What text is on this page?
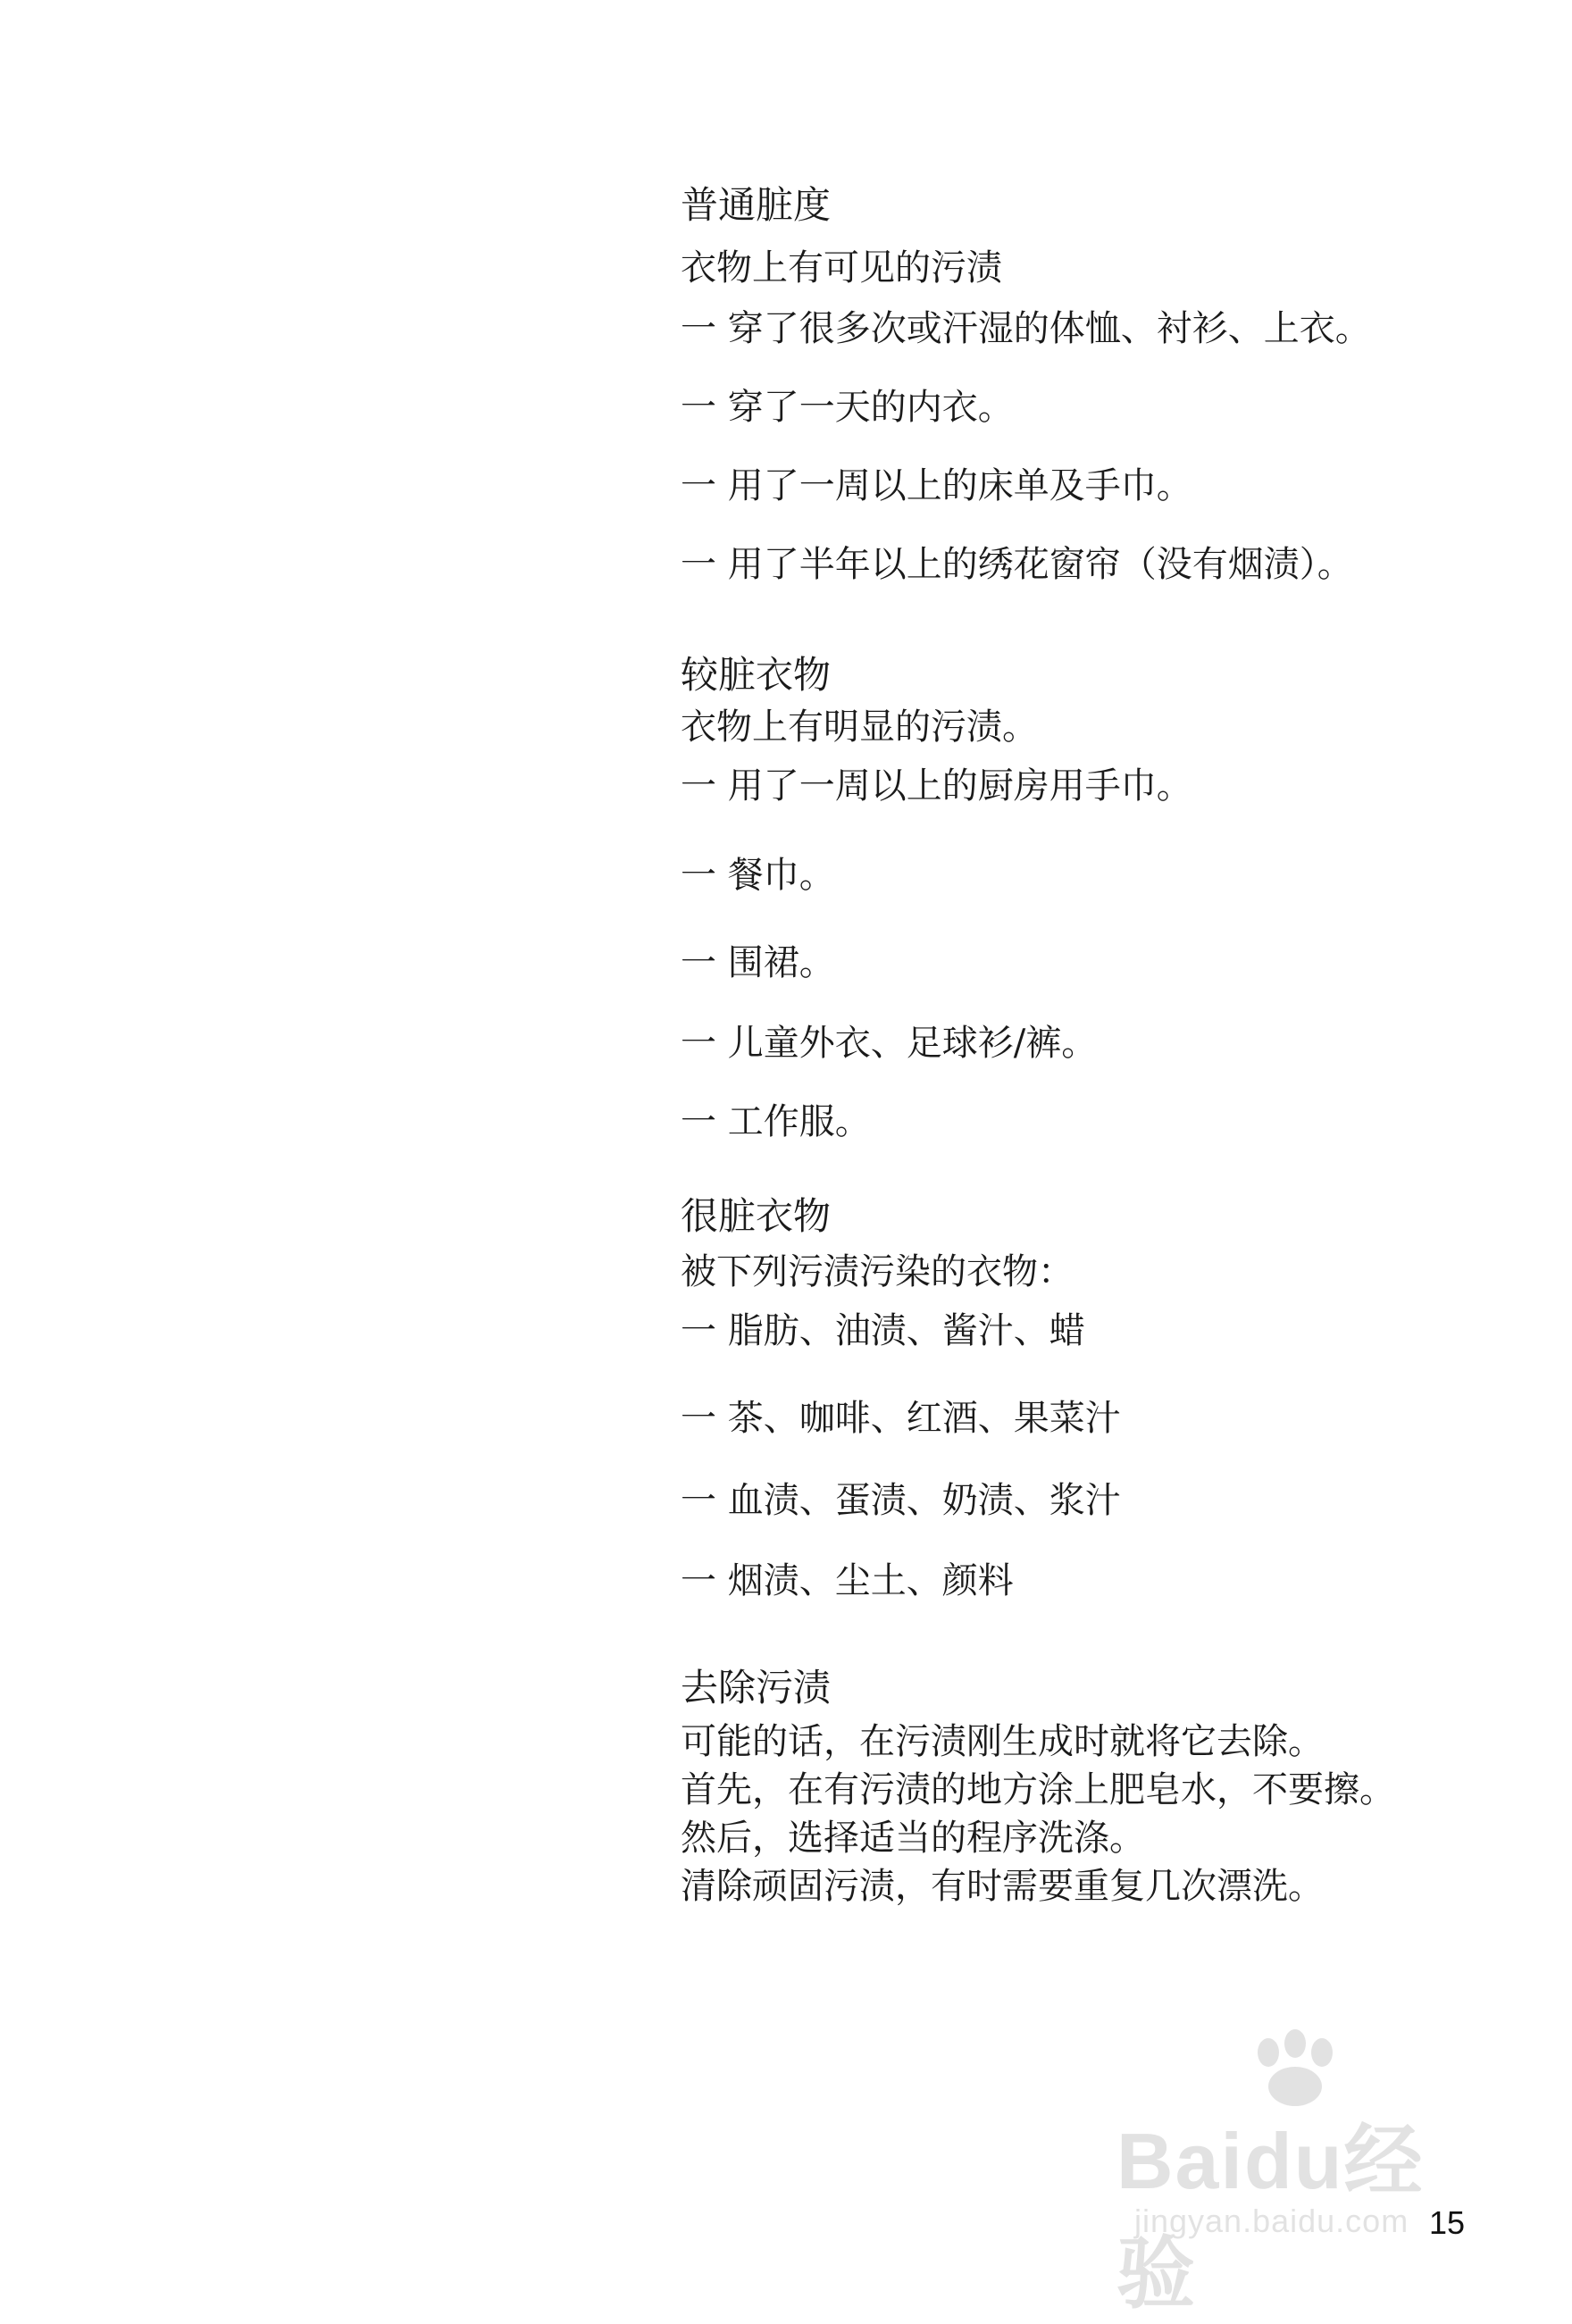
普通脏度
衣物上有可见的污渍
一 穿了很多次或汗湿的体恤、衬衫、上衣。
一 穿了一天的内衣。
一 用了一周以上的床单及手巾。
一 用了半年以上的绣花窗帘（没有烟渍）。
较脏衣物
衣物上有明显的污渍。
一 用了一周以上的厨房用手巾。
一 餐巾。
一 围裙。
一 儿童外衣、足球衫/裤。
一 工作服。
很脏衣物
被下列污渍污染的衣物：
一 脂肪、油渍、酱汁、蜡
一 茶、咖啡、红酒、果菜汁
一 血渍、蛋渍、奶渍、浆汁
一 烟渍、尘土、颜料
去除污渍
可能的话，在污渍刚生成时就将它去除。
首先，在有污渍的地方涂上肥皂水，不要擦。
然后，选择适当的程序洗涤。
清除顽固污渍，有时需要重复几次漂洗。
Baidu经验
jingyan.baidu.com 15
